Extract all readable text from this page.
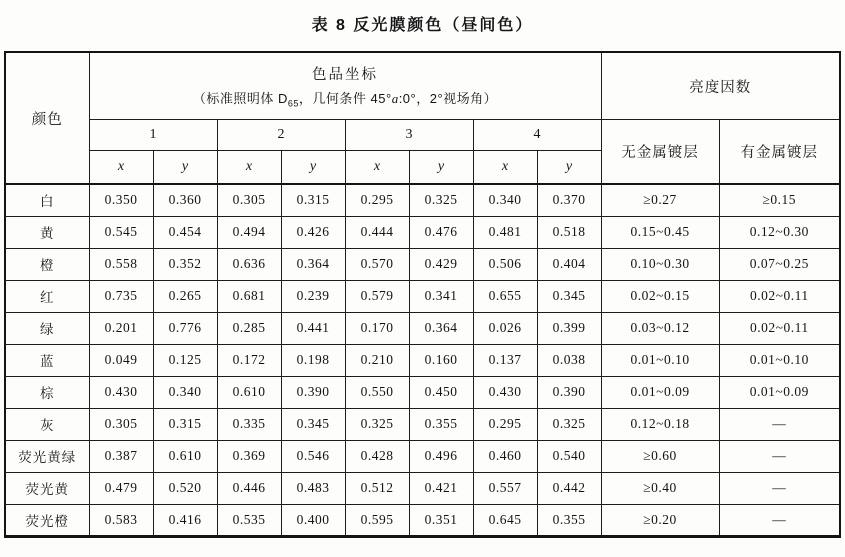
表 8 反光膜颜色（昼间色）
颜色	色品坐标
（标准照明体 $D_{65}$，几何条件 45°a:0°，2°视场角）								亮度因数	
	1		2		3		4		无金属镀层	有金属镀层
	x	y	x	y	x	y	x	y		
白	0.350	0.360	0.305	0.315	0.295	0.325	0.340	0.370	≥0.27	≥0.15
黄	0.545	0.454	0.494	0.426	0.444	0.476	0.481	0.518	0.15~0.45	0.12~0.30
橙	0.558	0.352	0.636	0.364	0.570	0.429	0.506	0.404	0.10~0.30	0.07~0.25
红	0.735	0.265	0.681	0.239	0.579	0.341	0.655	0.345	0.02~0.15	0.02~0.11
绿	0.201	0.776	0.285	0.441	0.170	0.364	0.026	0.399	0.03~0.12	0.02~0.11
蓝	0.049	0.125	0.172	0.198	0.210	0.160	0.137	0.038	0.01~0.10	0.01~0.10
棕	0.430	0.340	0.610	0.390	0.550	0.450	0.430	0.390	0.01~0.09	0.01~0.09
灰	0.305	0.315	0.335	0.345	0.325	0.355	0.295	0.325	0.12~0.18	—
荧光黄绿	0.387	0.610	0.369	0.546	0.428	0.496	0.460	0.540	≥0.60	—
荧光黄	0.479	0.520	0.446	0.483	0.512	0.421	0.557	0.442	≥0.40	—
荧光橙	0.583	0.416	0.535	0.400	0.595	0.351	0.645	0.355	≥0.20	—
